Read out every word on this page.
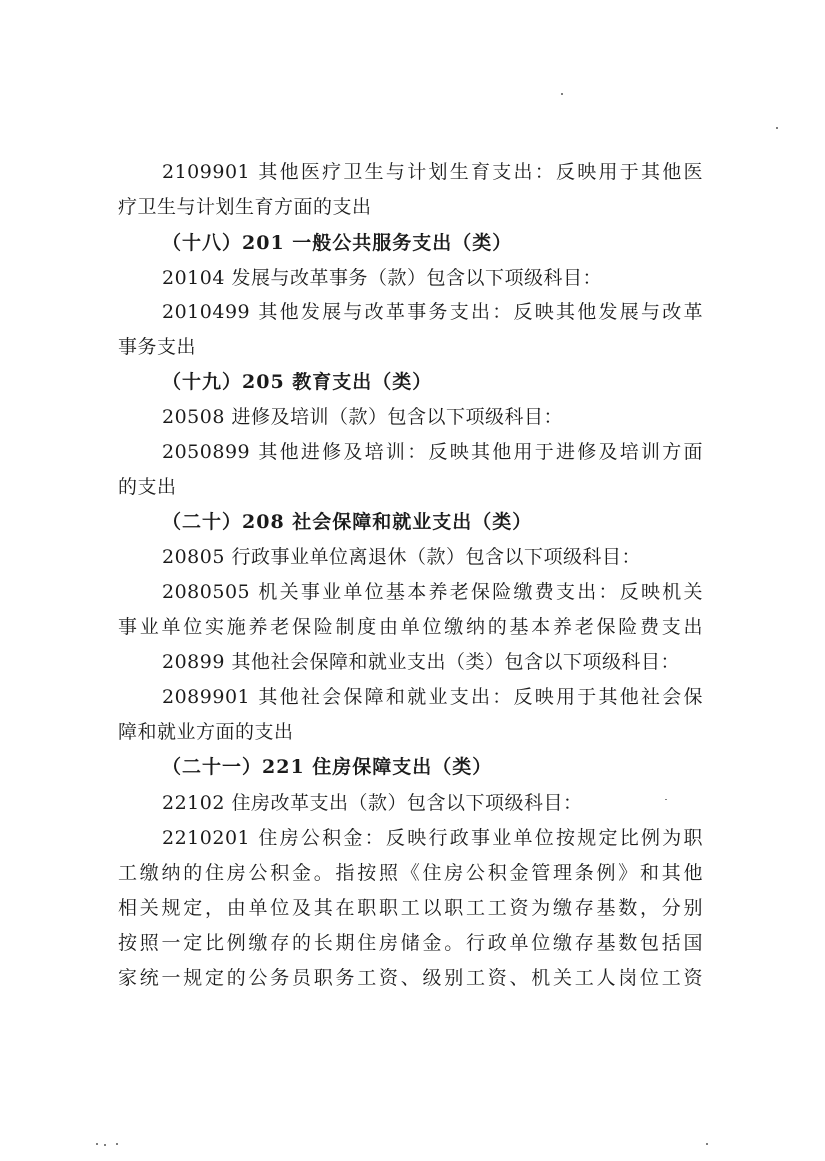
2109901 其他医疗卫生与计划生育支出：反映用于其他医
疗卫生与计划生育方面的支出
（十八）201 一般公共服务支出（类）
20104 发展与改革事务（款）包含以下项级科目：
2010499 其他发展与改革事务支出：反映其他发展与改革
事务支出
（十九）205 教育支出（类）
20508 进修及培训（款）包含以下项级科目：
2050899 其他进修及培训：反映其他用于进修及培训方面
的支出
（二十）208 社会保障和就业支出（类）
20805 行政事业单位离退休（款）包含以下项级科目：
2080505 机关事业单位基本养老保险缴费支出：反映机关
事业单位实施养老保险制度由单位缴纳的基本养老保险费支出
20899 其他社会保障和就业支出（类）包含以下项级科目：
2089901 其他社会保障和就业支出：反映用于其他社会保
障和就业方面的支出
（二十一）221 住房保障支出（类）
22102 住房改革支出（款）包含以下项级科目：
2210201 住房公积金：反映行政事业单位按规定比例为职
工缴纳的住房公积金。指按照《住房公积金管理条例》和其他
相关规定，由单位及其在职职工以职工工资为缴存基数，分别
按照一定比例缴存的长期住房储金。行政单位缴存基数包括国
家统一规定的公务员职务工资、级别工资、机关工人岗位工资
